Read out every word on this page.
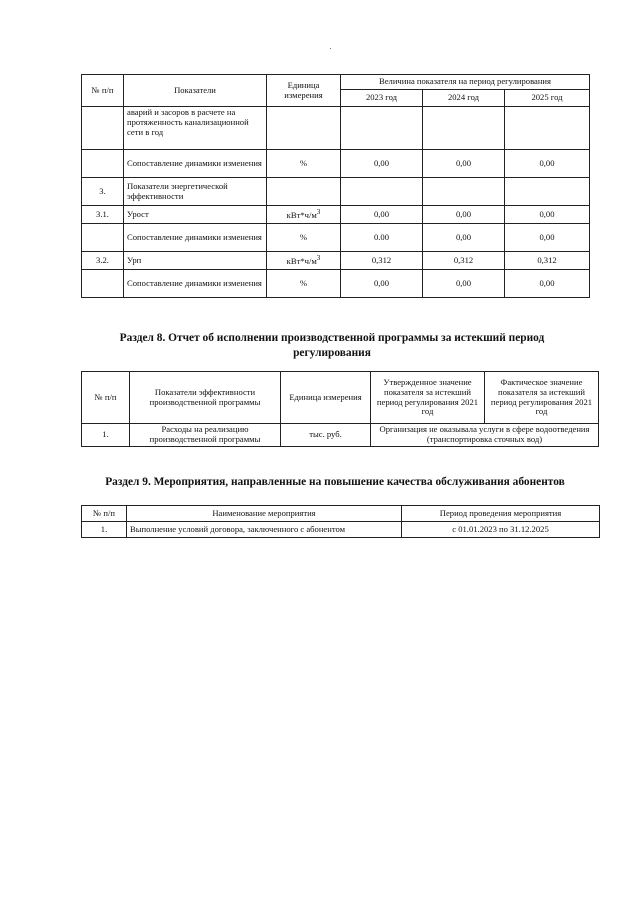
№ п/п	Показатели	Единица измерения	Величина показателя на период регулирования		
			2023 год	2024 год	2025 год
	аварий и засоров в расчете на протяженность канализационной сети в год				
	Сопоставление динамики изменения	%	0,00	0,00	0,00
3.	Показатели энергетической эффективности				
3.1.	Урост	$кВт*ч/м^3$	0,00	0,00	0,00
	Сопоставление динамики изменения	%	0.00	0,00	0,00
3.2.	Урп	$кВт*ч/м^3$	0,312	0,312	0,312
	Сопоставление динамики изменения	%	0,00	0,00	0,00
Раздел 8. Отчет об исполнении производственной программы за истекший период регулирования
№ п/п	Показатели эффективности производственной программы	Единица измерения	Утвержденное значение показателя за истекший период регулирования 2021 год	Фактическое значение показателя за истекший период регулирования 2021 год
1.	Расходы на реализацию производственной программы	тыс. руб.	Организация не оказывала услуги в сфере водоотведения (транспортировка сточных вод)	
Раздел 9. Мероприятия, направленные на повышение качества обслуживания абонентов
№ п/п	Наименование мероприятия	Период проведения мероприятия
1.	Выполнение условий договора, заключенного с абонентом	с 01.01.2023 по 31.12.2025
